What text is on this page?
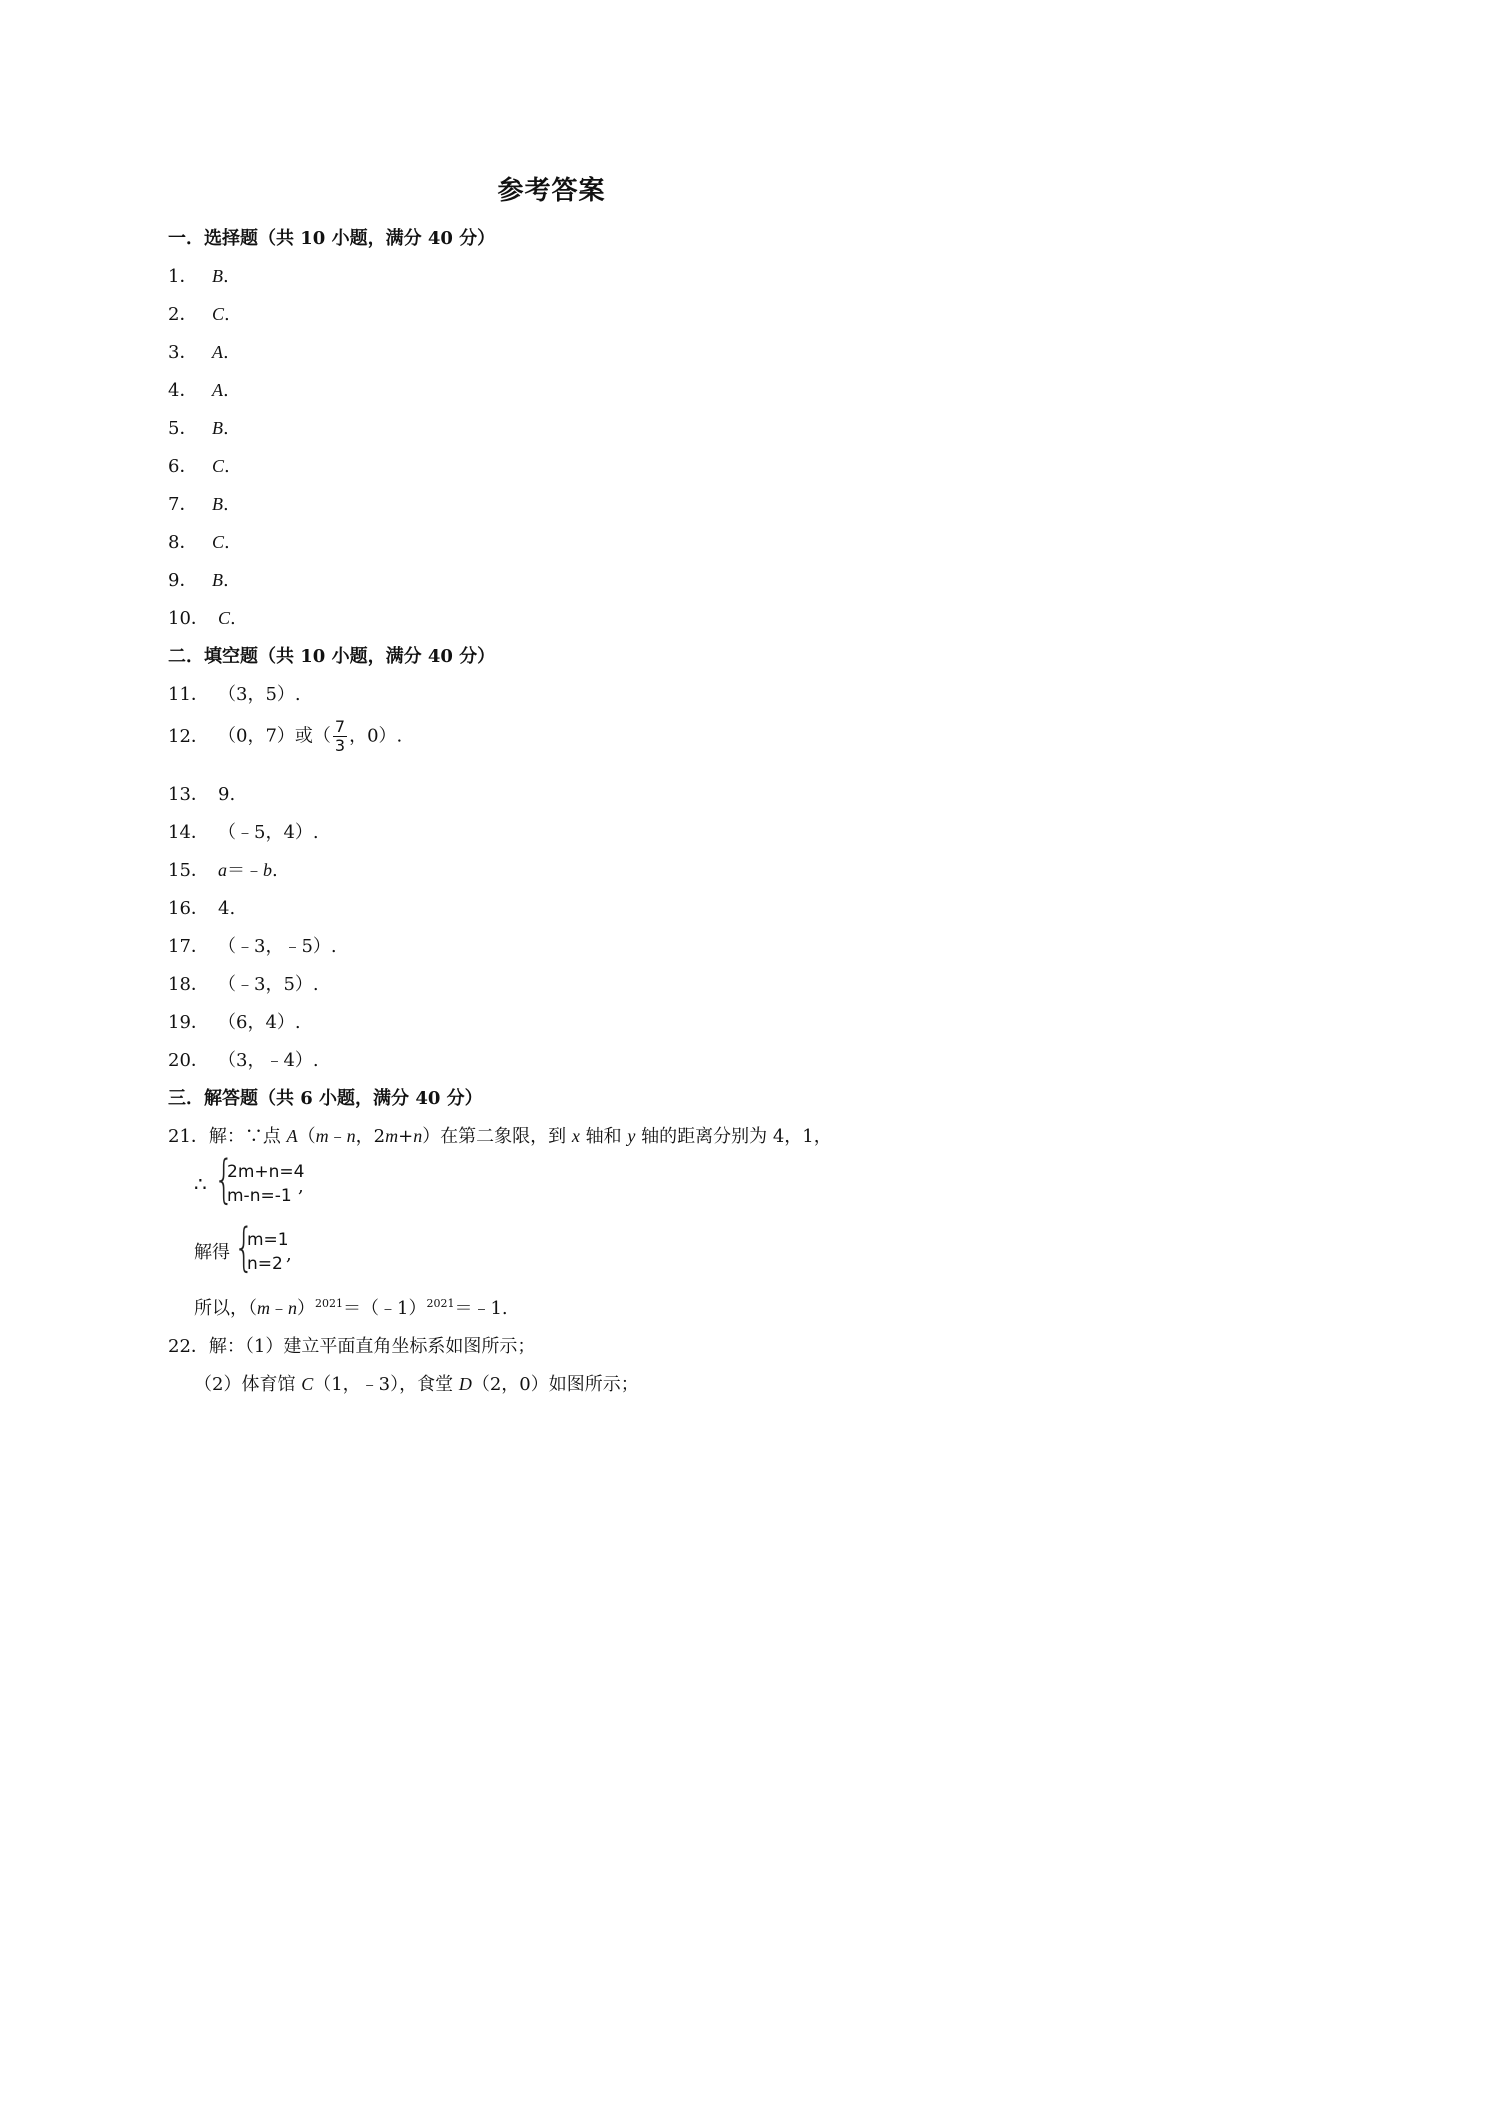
参考答案
一．选择题（共 10 小题，满分 40 分）
1． B.
2． C.
3． A.
4． A.
5． B.
6． C.
7． B.
8． C.
9． B.
10． C.
二．填空题（共 10 小题，满分 40 分）
11． （3，5）.
12． （0，7）或（ $\frac{7}{3}$ ，0）.
13． 9.
14． （﹣5，4）.
15． a＝﹣b.
16． 4.
17． （﹣3，﹣5）.
18． （﹣3，5）.
19． （6，4）.
20． （3，﹣4）.
三．解答题（共 6 小题，满分 40 分）
21．解：∵点 A（m﹣n，2m+n）在第二象限，到 x 轴和 y 轴的距离分别为 4，1，
∴ {
2m+n=4
m-n=-1 ,
解得 {
m=1
n=2 ,
所以，（m﹣n）$^{2021}$＝（﹣1）$^{2021}$＝﹣1.
22．解：（1）建立平面直角坐标系如图所示；
（2）体育馆 C（1，﹣3），食堂 D（2，0）如图所示；
